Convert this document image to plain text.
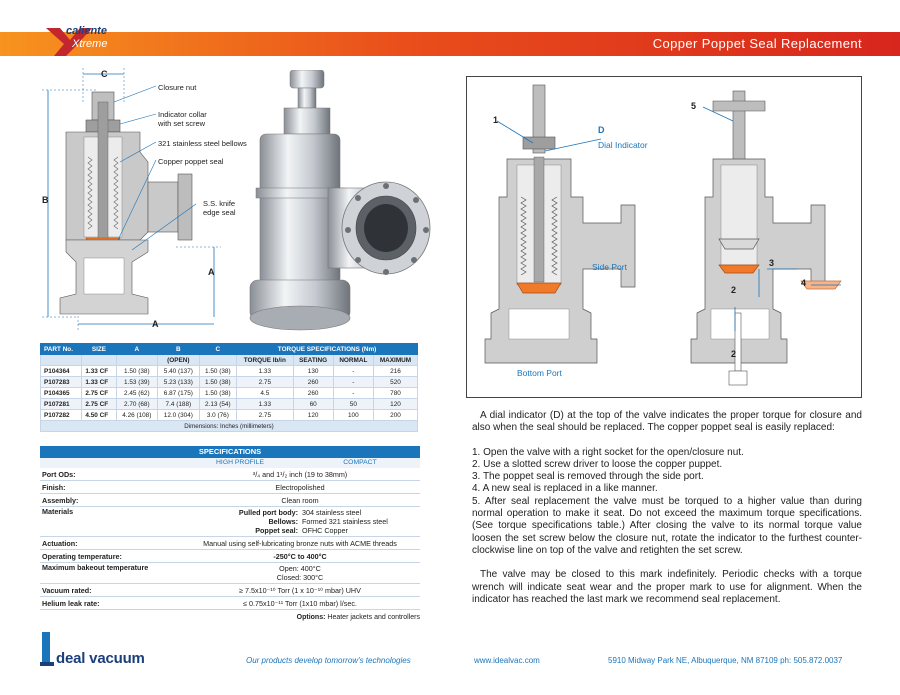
caliente
Xtreme	Copper Poppet Seal Replacement
C
B
A
A
Closure nut
Indicator collar
with set screw
321 stainless steel bellows
Copper poppet seal
S.S. knife
edge seal
PART No.	SIZE	A	B	C	TORQUE SPECIFICATIONS (Nm)			
			(OPEN)		TORQUE lb/in	SEATING	NORMAL	MAXIMUM
P104364	1.33 CF	1.50 (38)	5.40 (137)	1.50 (38)	1.33	130	-	216
P107283	1.33 CF	1.53 (39)	5.23 (133)	1.50 (38)	2.75	260	-	520
P104365	2.75 CF	2.45 (62)	6.87 (175)	1.50 (38)	4.5	260	-	780
P107281	2.75 CF	2.70 (68)	7.4 (188)	2.13 (54)	1.33	60	50	120
P107282	4.50 CF	4.26 (108)	12.0 (304)	3.0 (76)	2.75	120	100	200
Dimensions: Inches (millimeters)								
SPECIFICATIONS
HIGH PROFILE	COMPACT
Port ODs:	³/₄ and 1¹/₂ inch (19 to 38mm)
Finish:	Electropolished
Assembly:	Clean room
Materials	Pulled port body: 304 stainless steel
Bellows: Formed 321 stainless steel
Poppet seal: OFHC Copper
Actuation:	Manual using self-lubricating bronze nuts with ACME threads
Operating temperature:	-250°C to 400°C
Maximum bakeout temperature	Open: 400°C
Closed: 300°C
Vacuum rated:	≥ 7.5x10⁻¹⁰ Torr (1 x 10⁻¹⁰ mbar) UHV
Helium leak rate:	≤ 0.75x10⁻¹¹ Torr (1x10 mbar) l/sec.
Options: Heater jackets and controllers
1
D
Dial Indicator
Side Port
Bottom Port
5
3
4
2
2

A dial indicator (D) at the top of the valve indicates the proper torque for closure and also when the seal should be replaced. The copper poppet seal is easily replaced:

1. Open the valve with a right socket for the open/closure nut.
2. Use a slotted screw driver to loose the copper puppet.
3. The poppet seal is removed through the side port.
4. A new seal is replaced in a like manner.
5. After seal replacement the valve must be torqued to a higher value than during normal operation to make it seat. Do not exceed the maximum torque specifications. (See torque specifications table.) After closing the valve to its normal torque value loosen the set screw below the closure nut, rotate the indicator to the furthest counter-clockwise line on top of the valve and retighten the set screw.

The valve may be closed to this mark indefinitely. Periodic checks with a torque wrench will indicate seat wear and the proper mark to use for alignment. When the indicator has reached the last mark we recommend seal replacement.

deal vacuum	Our products develop tomorrow's technologies	www.idealvac.com	5910 Midway Park NE, Albuquerque, NM 87109 ph: 505.872.0037
